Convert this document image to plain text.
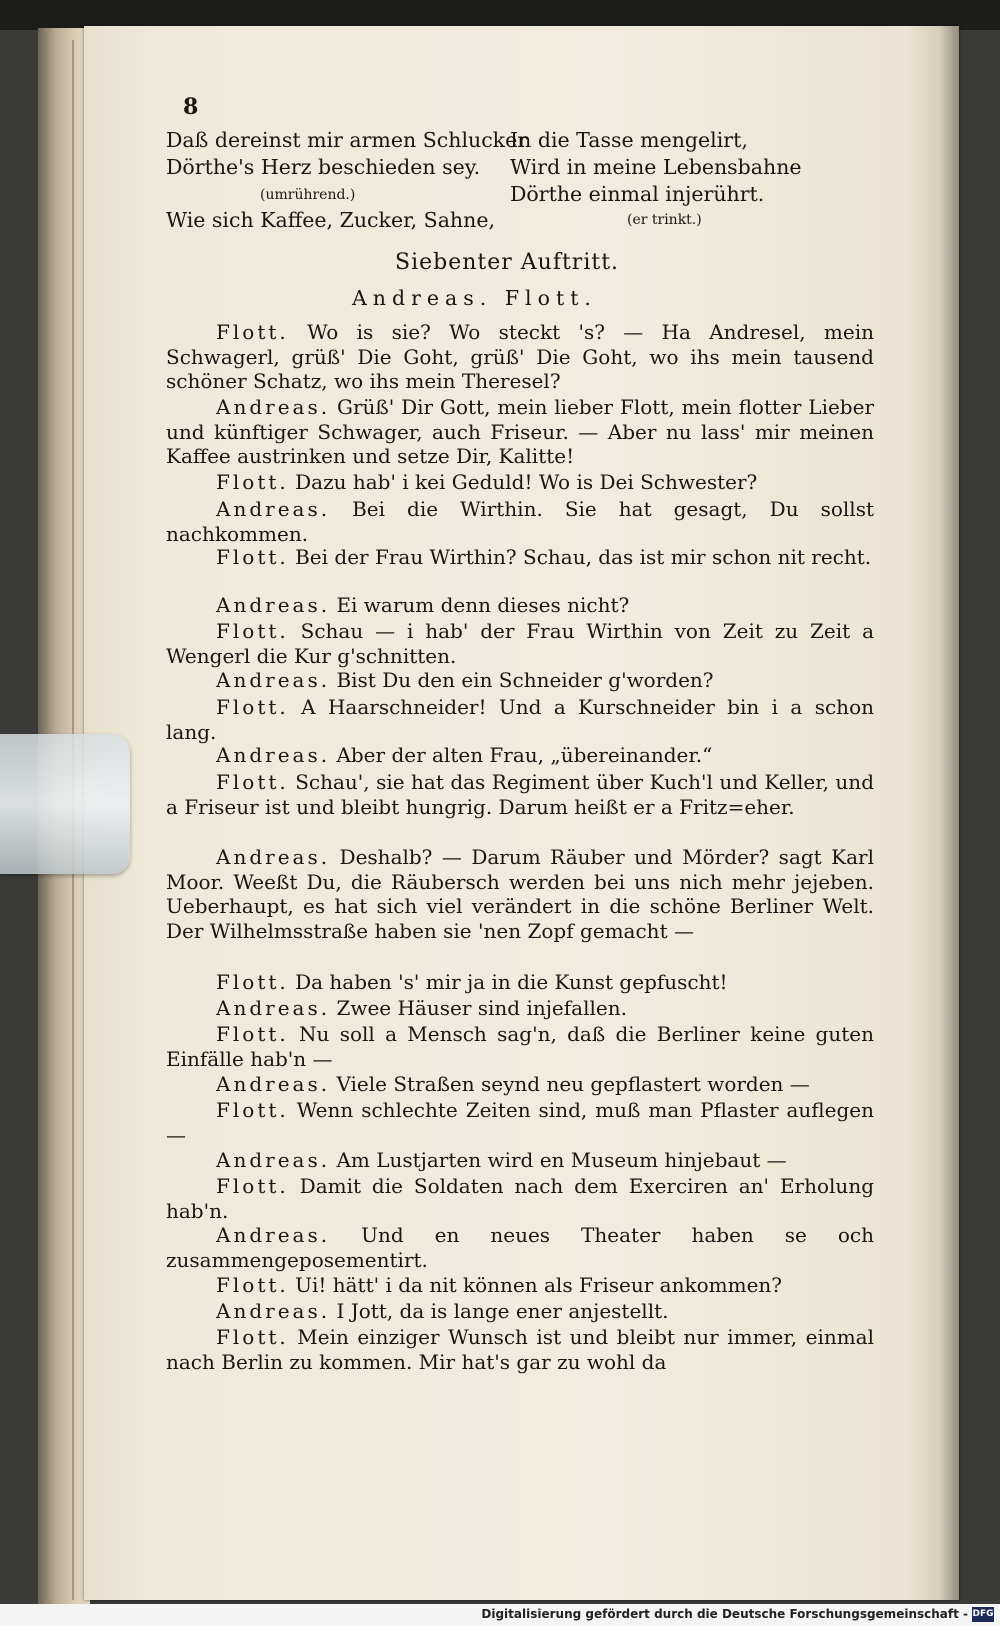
8
Daß dereinst mir armen Schlucker
In die Tasse mengelirt,
Dörthe's Herz beschieden sey. Wird in meine Lebensbahne
(umrührend.)	Dörthe einmal injerührt.
Wie sich Kaffee, Zucker, Sahne,	(er trinkt.)
Siebenter Auftritt.
Andreas. Flott.
Flott. Wo is sie? Wo steckt 's? — Ha Andresel, mein Schwagerl, grüß' Die Goht, grüß' Die Goht, wo ihs mein tausend schöner Schatz, wo ihs mein Theresel?
Andreas. Grüß' Dir Gott, mein lieber Flott, mein flotter Lieber und künftiger Schwager, auch Friseur. — Aber nu lass' mir meinen Kaffee austrinken und setze Dir, Kalitte!
Flott. Dazu hab' i kei Geduld! Wo is Dei Schwester?
Andreas. Bei die Wirthin. Sie hat gesagt, Du sollst nachkommen.
Flott. Bei der Frau Wirthin? Schau, das ist mir schon nit recht.
Andreas. Ei warum denn dieses nicht?
Flott. Schau — i hab' der Frau Wirthin von Zeit zu Zeit a Wengerl die Kur g'schnitten.
Andreas. Bist Du den ein Schneider g'worden?
Flott. A Haarschneider! Und a Kurschneider bin i a schon lang.
Andreas. Aber der alten Frau, „übereinander.“
Flott. Schau', sie hat das Regiment über Kuch'l und Keller, und a Friseur ist und bleibt hungrig. Darum heißt er a Fritz=eher.
Andreas. Deshalb? — Darum Räuber und Mörder? sagt Karl Moor. Weeßt Du, die Räubersch werden bei uns nich mehr jejeben. Ueberhaupt, es hat sich viel verändert in die schöne Berliner Welt. Der Wilhelmsstraße haben sie 'nen Zopf gemacht —
Flott. Da haben 's' mir ja in die Kunst gepfuscht!
Andreas. Zwee Häuser sind injefallen.
Flott. Nu soll a Mensch sag'n, daß die Berliner keine guten Einfälle hab'n —
Andreas. Viele Straßen seynd neu gepflastert worden —
Flott. Wenn schlechte Zeiten sind, muß man Pflaster auflegen —
Andreas. Am Lustjarten wird en Museum hinjebaut —
Flott. Damit die Soldaten nach dem Exerciren an' Erholung hab'n.
Andreas. Und en neues Theater haben se och zusammengeposementirt.
Flott. Ui! hätt' i da nit können als Friseur ankommen?
Andreas. I Jott, da is lange ener anjestellt.
Flott. Mein einziger Wunsch ist und bleibt nur immer, einmal nach Berlin zu kommen. Mir hat's gar zu wohl da
Digitalisierung gefördert durch die Deutsche Forschungsgemeinschaft - DFG
